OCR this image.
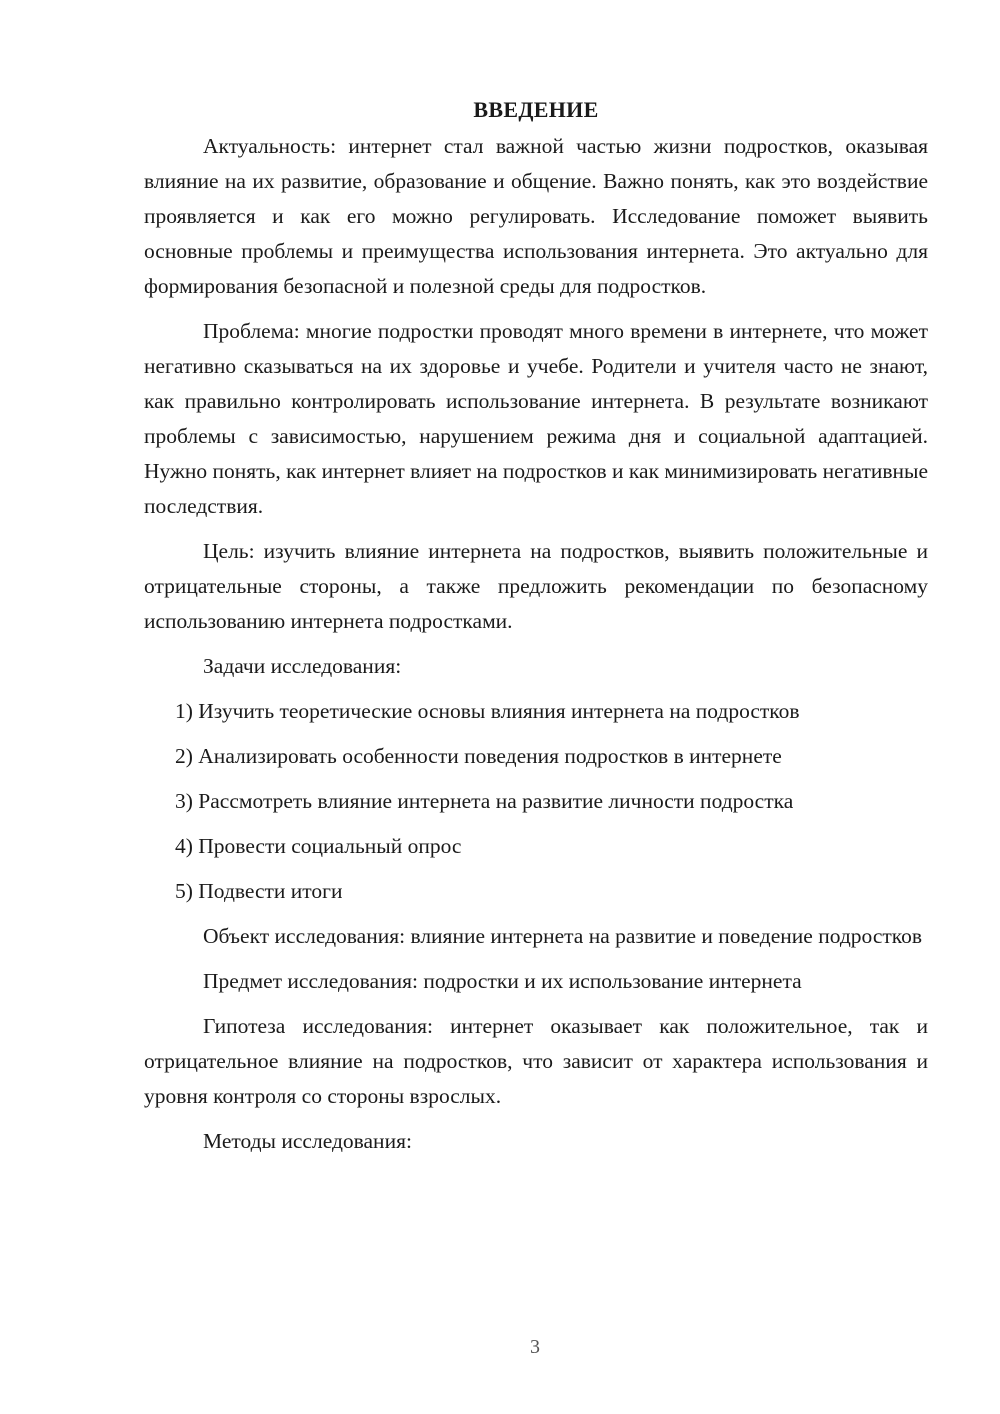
ВВЕДЕНИЕ

Актуальность: интернет стал важной частью жизни подростков, оказывая влияние на их развитие, образование и общение. Важно понять, как это воздействие проявляется и как его можно регулировать. Исследование поможет выявить основные проблемы и преимущества использования интернета. Это актуально для формирования безопасной и полезной среды для подростков.

Проблема: многие подростки проводят много времени в интернете, что может негативно сказываться на их здоровье и учебе. Родители и учителя часто не знают, как правильно контролировать использование интернета. В результате возникают проблемы с зависимостью, нарушением режима дня и социальной адаптацией. Нужно понять, как интернет влияет на подростков и как минимизировать негативные последствия.

Цель: изучить влияние интернета на подростков, выявить положительные и отрицательные стороны, а также предложить рекомендации по безопасному использованию интернета подростками.

Задачи исследования:

1) Изучить теоретические основы влияния интернета на подростков
2) Анализировать особенности поведения подростков в интернете
3) Рассмотреть влияние интернета на развитие личности подростка
4) Провести социальный опрос
5) Подвести итоги

Объект исследования: влияние интернета на развитие и поведение подростков

Предмет исследования: подростки и их использование интернета

Гипотеза исследования: интернет оказывает как положительное, так и отрицательное влияние на подростков, что зависит от характера использования и уровня контроля со стороны взрослых.

Методы исследования:

3
